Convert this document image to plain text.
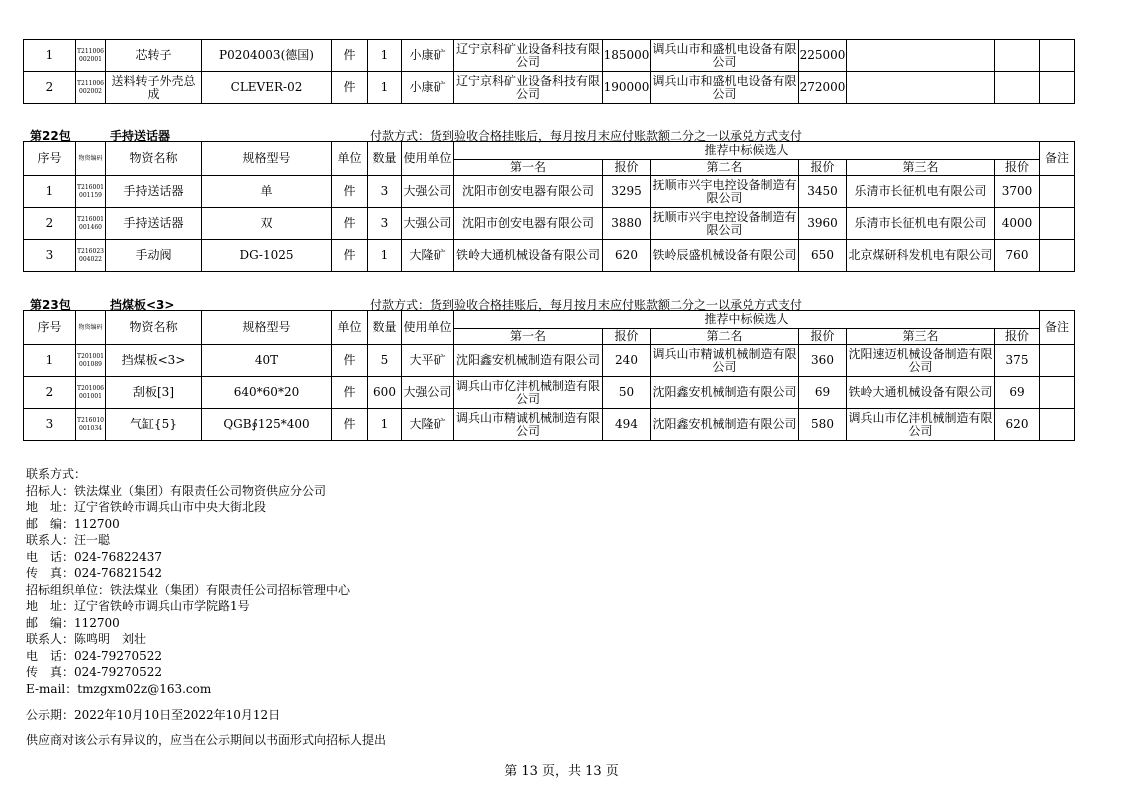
1	T211006 002001	芯转子	P0204003(德国)	件	1	小康矿	辽宁京科矿业设备科技有限公司	185000	调兵山市和盛机电设备有限公司	225000			
2	T211006 002002	送料转子外壳总成	CLEVER-02	件	1	小康矿	辽宁京科矿业设备科技有限公司	190000	调兵山市和盛机电设备有限公司	272000			
第22包	手持送话器	付款方式：货到验收合格挂账后，每月按月末应付账款额二分之一以承兑方式支付
序号	物资编码	物资名称	规格型号	单位	数量	使用单位	推荐中标候选人						备注
							第一名	报价	第二名	报价	第三名	报价	
1	T216001 001159	手持送话器	单	件	3	大强公司	沈阳市创安电器有限公司	3295	抚顺市兴宇电控设备制造有限公司	3450	乐清市长征机电有限公司	3700	
2	T216001 001460	手持送话器	双	件	3	大强公司	沈阳市创安电器有限公司	3880	抚顺市兴宇电控设备制造有限公司	3960	乐清市长征机电有限公司	4000	
3	T216023 004022	手动阀	DG-1025	件	1	大隆矿	铁岭大通机械设备有限公司	620	铁岭辰盛机械设备有限公司	650	北京煤研科发机电有限公司	760	
第23包	挡煤板<3>	付款方式：货到验收合格挂账后，每月按月末应付账款额二分之一以承兑方式支付
序号	物资编码	物资名称	规格型号	单位	数量	使用单位	推荐中标候选人						备注
							第一名	报价	第二名	报价	第三名	报价	
1	T201001 001089	挡煤板<3>	40T	件	5	大平矿	沈阳鑫安机械制造有限公司	240	调兵山市精诚机械制造有限公司	360	沈阳速迈机械设备制造有限公司	375	
2	T201006 001001	刮板[3]	640*60*20	件	600	大强公司	调兵山市亿沣机械制造有限公司	50	沈阳鑫安机械制造有限公司	69	铁岭大通机械设备有限公司	69	
3	T216010 001034	气缸{5}	QGB∮125*400	件	1	大隆矿	调兵山市精诚机械制造有限公司	494	沈阳鑫安机械制造有限公司	580	调兵山市亿沣机械制造有限公司	620	
联系方式：
招标人：铁法煤业（集团）有限责任公司物资供应分公司
地　址：辽宁省铁岭市调兵山市中央大街北段
邮　编：112700
联系人：汪一聪
电　话：024-76822437
传　真：024-76821542
招标组织单位：铁法煤业（集团）有限责任公司招标管理中心
地　址：辽宁省铁岭市调兵山市学院路1号
邮　编：112700
联系人：陈鸣明　刘壮
电　话：024-79270522
传　真：024-79270522
E-mail：tmzgxm02z@163.com
公示期：2022年10月10日至2022年10月12日
供应商对该公示有异议的，应当在公示期间以书面形式向招标人提出
第 13 页，共 13 页
